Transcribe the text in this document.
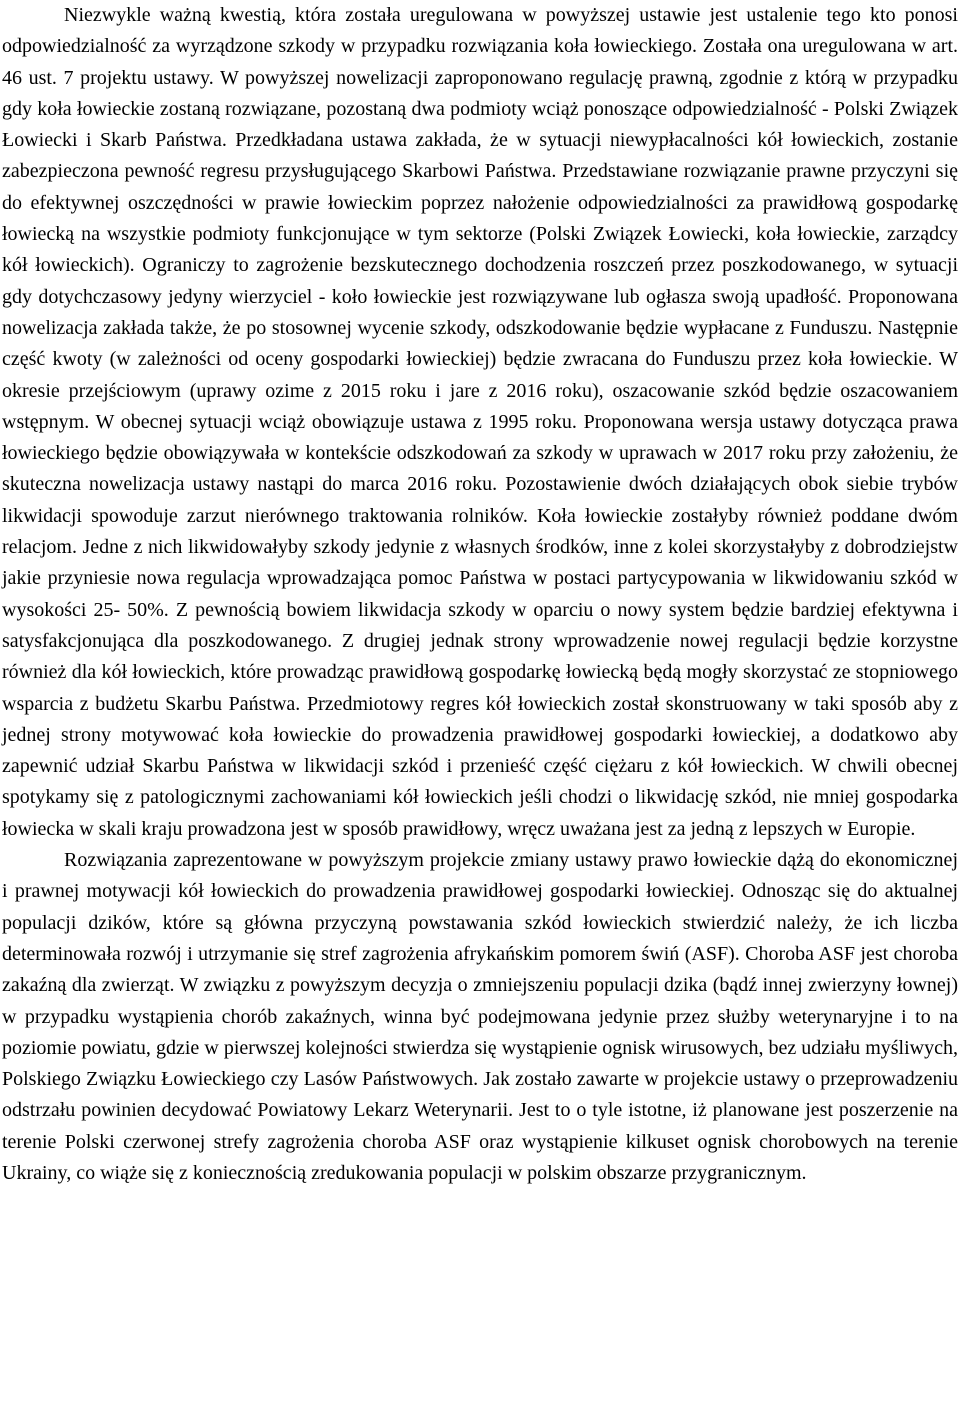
Niezwykle ważną kwestią, która została uregulowana w powyższej ustawie jest ustalenie tego kto ponosi odpowiedzialność za wyrządzone szkody w przypadku rozwiązania koła łowieckiego. Została ona uregulowana w art. 46 ust. 7 projektu ustawy. W powyższej nowelizacji zaproponowano regulację prawną, zgodnie z którą w przypadku gdy koła łowieckie zostaną rozwiązane, pozostaną dwa podmioty wciąż ponoszące odpowiedzialność - Polski Związek Łowiecki i Skarb Państwa. Przedkładana ustawa zakłada, że w sytuacji niewypłacalności kół łowieckich, zostanie zabezpieczona pewność regresu przysługującego Skarbowi Państwa. Przedstawiane rozwiązanie prawne przyczyni się do efektywnej oszczędności w prawie łowieckim poprzez nałożenie odpowiedzialności za prawidłową gospodarkę łowiecką na wszystkie podmioty funkcjonujące w tym sektorze (Polski Związek Łowiecki, koła łowieckie, zarządcy kół łowieckich). Ograniczy to zagrożenie bezskutecznego dochodzenia roszczeń przez poszkodowanego, w sytuacji gdy dotychczasowy jedyny wierzyciel - koło łowieckie jest rozwiązywane lub ogłasza swoją upadłość. Proponowana nowelizacja zakłada także, że po stosownej wycenie szkody, odszkodowanie będzie wypłacane z Funduszu. Następnie część kwoty (w zależności od oceny gospodarki łowieckiej) będzie zwracana do Funduszu przez koła łowieckie. W okresie przejściowym (uprawy ozime z 2015 roku i jare z 2016 roku), oszacowanie szkód będzie oszacowaniem wstępnym. W obecnej sytuacji wciąż obowiązuje ustawa z 1995 roku. Proponowana wersja ustawy dotycząca prawa łowieckiego będzie obowiązywała w kontekście odszkodowań za szkody w uprawach w 2017 roku przy założeniu, że skuteczna nowelizacja ustawy nastąpi do marca 2016 roku. Pozostawienie dwóch działających obok siebie trybów likwidacji spowoduje zarzut nierównego traktowania rolników. Koła łowieckie zostałyby również poddane dwóm relacjom. Jedne z nich likwidowałyby szkody jedynie z własnych środków, inne z kolei skorzystałyby z dobrodziejstw jakie przyniesie nowa regulacja wprowadzająca pomoc Państwa w postaci partycypowania w likwidowaniu szkód w wysokości 25- 50%. Z pewnością bowiem likwidacja szkody w oparciu o nowy system będzie bardziej efektywna i satysfakcjonująca dla poszkodowanego. Z drugiej jednak strony wprowadzenie nowej regulacji będzie korzystne również dla kół łowieckich, które prowadząc prawidłową gospodarkę łowiecką będą mogły skorzystać ze stopniowego wsparcia z budżetu Skarbu Państwa. Przedmiotowy regres kół łowieckich został skonstruowany w taki sposób aby z jednej strony motywować koła łowieckie do prowadzenia prawidłowej gospodarki łowieckiej, a dodatkowo aby zapewnić udział Skarbu Państwa w likwidacji szkód i przenieść część ciężaru z kół łowieckich. W chwili obecnej spotykamy się z patologicznymi zachowaniami kół łowieckich jeśli chodzi o likwidację szkód, nie mniej gospodarka łowiecka w skali kraju prowadzona jest w sposób prawidłowy, wręcz uważana jest za jedną z lepszych w Europie.

Rozwiązania zaprezentowane w powyższym projekcie zmiany ustawy prawo łowieckie dążą do ekonomicznej i prawnej motywacji kół łowieckich do prowadzenia prawidłowej gospodarki łowieckiej. Odnosząc się do aktualnej populacji dzików, które są główna przyczyną powstawania szkód łowieckich stwierdzić należy, że ich liczba determinowała rozwój i utrzymanie się stref zagrożenia afrykańskim pomorem świń (ASF). Choroba ASF jest choroba zakaźną dla zwierząt. W związku z powyższym decyzja o zmniejszeniu populacji dzika (bądź innej zwierzyny łownej) w przypadku wystąpienia chorób zakaźnych, winna być podejmowana jedynie przez służby weterynaryjne i to na poziomie powiatu, gdzie w pierwszej kolejności stwierdza się wystąpienie ognisk wirusowych, bez udziału myśliwych, Polskiego Związku Łowieckiego czy Lasów Państwowych. Jak zostało zawarte w projekcie ustawy o przeprowadzeniu odstrzału powinien decydować Powiatowy Lekarz Weterynarii. Jest to o tyle istotne, iż planowane jest poszerzenie na terenie Polski czerwonej strefy zagrożenia choroba ASF oraz wystąpienie kilkuset ognisk chorobowych na terenie Ukrainy, co wiąże się z koniecznością zredukowania populacji w polskim obszarze przygranicznym.
